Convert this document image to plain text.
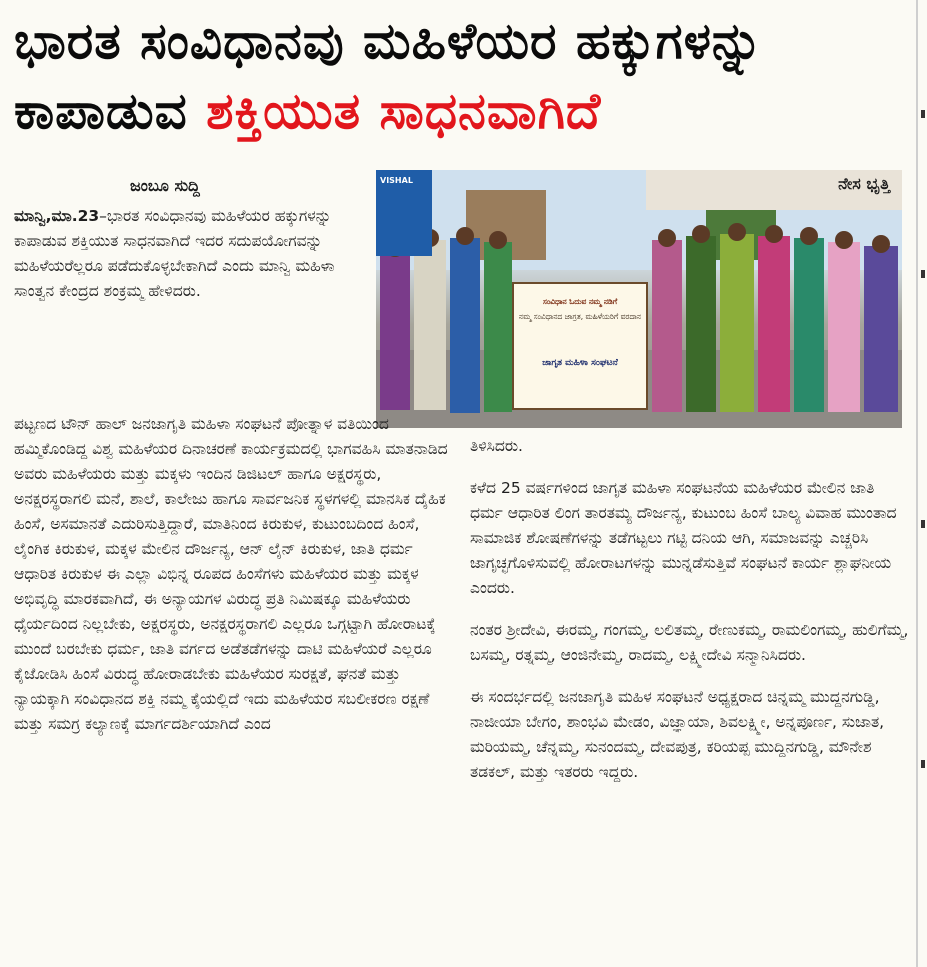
ಭಾರತ ಸಂವಿಧಾನವು ಮಹಿಳೆಯರ ಹಕ್ಕುಗಳನ್ನು
ಕಾಪಾಡುವ ಶಕ್ತಿಯುತ ಸಾಧನವಾಗಿದೆ
ಜಂಬೂ ಸುದ್ದಿ	VISHAL	ನೇಸ ಭೃತ್ತಿ
ಸಂವಿಧಾನ ಓದುವ ನಮ್ಮ ನಡಿಗೆ
ನಮ್ಮ ಸಂವಿಧಾನದ ಜಾಗ್ರತ, ಮಹಿಳೆಯರಿಗೆ ವರದಾನ
ಜಾಗೃತ ಮಹಿಳಾ ಸಂಘಟನೆ

ಮಾನ್ವಿ,ಮಾ.23–ಭಾರತ ಸಂವಿಧಾನವು ಮಹಿಳೆಯರ ಹಕ್ಕುಗಳನ್ನು ಕಾಪಾಡುವ ಶಕ್ತಿಯುತ ಸಾಧನವಾಗಿದೆ ಇದರ ಸದುಪಯೋಗವನ್ನು ಮಹಿಳೆಯರೆಲ್ಲರೂ ಪಡೆದುಕೊಳ್ಳಬೇಕಾಗಿದೆ ಎಂದು ಮಾನ್ವಿ ಮಹಿಳಾ ಸಾಂತ್ವನ ಕೇಂದ್ರದ ಶಂಕ್ರಮ್ಮ ಹೇಳಿದರು.

ಪಟ್ಟಣದ ಟೌನ್ ಹಾಲ್ ಜನಜಾಗೃತಿ ಮಹಿಳಾ ಸಂಘಟನೆ ಪೋತ್ನಾಳ ವತಿಯಿಂದ ಹಮ್ಮಿಕೊಂಡಿದ್ದ ವಿಶ್ವ ಮಹಿಳೆಯರ ದಿನಾಚರಣೆ ಕಾರ್ಯಕ್ರಮದಲ್ಲಿ ಭಾಗವಹಿಸಿ ಮಾತನಾಡಿದ ಅವರು ಮಹಿಳೆಯರು ಮತ್ತು ಮಕ್ಕಳು ಇಂದಿನ ಡಿಜಿಟಲ್ ಹಾಗೂ ಅಕ್ಷರಸ್ಥರು, ಅನಕ್ಷರಸ್ಥರಾಗಲಿ ಮನೆ, ಶಾಲೆ, ಕಾಲೇಜು ಹಾಗೂ ಸಾರ್ವಜನಿಕ ಸ್ಥಳಗಳಲ್ಲಿ ಮಾನಸಿಕ ದೈಹಿಕ ಹಿಂಸೆ, ಅಸಮಾನತೆ ಎದುರಿಸುತ್ತಿದ್ದಾರೆ, ಮಾತಿನಿಂದ ಕಿರುಕುಳ, ಕುಟುಂಬದಿಂದ ಹಿಂಸೆ, ಲೈಂಗಿಕ ಕಿರುಕುಳ, ಮಕ್ಕಳ ಮೇಲಿನ ದೌರ್ಜನ್ಯ, ಆನ್ ಲೈನ್ ಕಿರುಕುಳ, ಜಾತಿ ಧರ್ಮ ಆಧಾರಿತ ಕಿರುಕುಳ ಈ ಎಲ್ಲಾ ವಿಭಿನ್ನ ರೂಪದ ಹಿಂಸೆಗಳು ಮಹಿಳೆಯರ ಮತ್ತು ಮಕ್ಕಳ ಅಭಿವೃದ್ಧಿ ಮಾರಕವಾಗಿದೆ, ಈ ಅನ್ಯಾಯಗಳ ವಿರುದ್ಧ ಪ್ರತಿ ನಿಮಿಷಕ್ಕೂ ಮಹಿಳೆಯರು ಧೈರ್ಯದಿಂದ ನಿಲ್ಲಬೇಕು, ಅಕ್ಷರಸ್ಥರು, ಅನಕ್ಷರಸ್ಥರಾಗಲಿ ಎಲ್ಲರೂ ಒಗ್ಗಟ್ಟಾಗಿ ಹೋರಾಟಕ್ಕೆ ಮುಂದೆ ಬರಬೇಕು ಧರ್ಮ, ಜಾತಿ ವರ್ಗದ ಅಡೆತಡೆಗಳನ್ನು ದಾಟಿ ಮಹಿಳೆಯರೆ ಎಲ್ಲರೂ ಕೈಜೋಡಿಸಿ ಹಿಂಸೆ ವಿರುದ್ಧ ಹೋರಾಡಬೇಕು ಮಹಿಳೆಯರ ಸುರಕ್ಷತೆ, ಘನತೆ ಮತ್ತು ನ್ಯಾಯಕ್ಕಾಗಿ ಸಂವಿಧಾನದ ಶಕ್ತಿ ನಮ್ಮ ಕೈಯಲ್ಲಿದೆ ಇದು ಮಹಿಳೆಯರ ಸಬಲೀಕರಣ ರಕ್ಷಣೆ ಮತ್ತು ಸಮಗ್ರ ಕಲ್ಯಾಣಕ್ಕೆ ಮಾರ್ಗದರ್ಶಿಯಾಗಿದೆ ಎಂದ

ತಿಳಿಸಿದರು.

ಕಳೆದ 25 ವರ್ಷಗಳಿಂದ ಜಾಗೃತ ಮಹಿಳಾ ಸಂಘಟನೆಯ ಮಹಿಳೆಯರ ಮೇಲಿನ ಜಾತಿ ಧರ್ಮ ಆಧಾರಿತ ಲಿಂಗ ತಾರತಮ್ಯ ದೌರ್ಜನ್ಯ, ಕುಟುಂಬ ಹಿಂಸೆ ಬಾಲ್ಯ ವಿವಾಹ ಮುಂತಾದ ಸಾಮಾಜಿಕ ಶೋಷಣೆಗಳನ್ನು ತಡೆಗಟ್ಟಲು ಗಟ್ಟಿ ದನಿಯ ಆಗಿ, ಸಮಾಜವನ್ನು ಎಚ್ಚರಿಸಿ ಜಾಗೃಚ್ಛಗೊಳಿಸುವಲ್ಲಿ ಹೋರಾಟಗಳನ್ನು ಮುನ್ನಡೆಸುತ್ತಿವೆ ಸಂಘಟನೆ ಕಾರ್ಯ ಶ್ಲಾಘನೀಯ ಎಂದರು.

ನಂತರ ಶ್ರೀದೇವಿ, ಈರಮ್ಮ, ಗಂಗಮ್ಮ, ಲಲಿತಮ್ಮ, ರೇಣುಕಮ್ಮ, ರಾಮಲಿಂಗಮ್ಮ, ಹುಲಿಗೆಮ್ಮ, ಬಸಮ್ಮ, ರತ್ನಮ್ಮ, ಆಂಜಿನೇಮ್ಮ, ರಾದಮ್ಮ, ಲಕ್ಷ್ಮೀದೇವಿ ಸನ್ಮಾನಿಸಿದರು.

ಈ ಸಂದರ್ಭದಲ್ಲಿ ಜನಜಾಗೃತಿ ಮಹಿಳ ಸಂಘಟನೆ ಅಧ್ಯಕ್ಷರಾದ ಚಿನ್ನಮ್ಮ ಮುದ್ದನಗುಡ್ಡಿ, ನಾಜೀಯಾ ಬೇಗಂ, ಶಾಂಭವಿ ಮೇಡಂ, ವಿಜ್ಞಾಯಾ, ಶಿವಲಕ್ಷ್ಮೀ, ಅನ್ನಪೂರ್ಣ, ಸುಜಾತ, ಮರಿಯಮ್ಮ, ಚೆನ್ನಮ್ಮ, ಸುನಂದಮ್ಮ, ದೇವಪುತ್ರ, ಕರಿಯಪ್ಪ ಮುದ್ದಿನಗುಡ್ಡಿ, ಮೌನೇಶ ತಡಕಲ್, ಮತ್ತು ಇತರರು ಇದ್ದರು.
